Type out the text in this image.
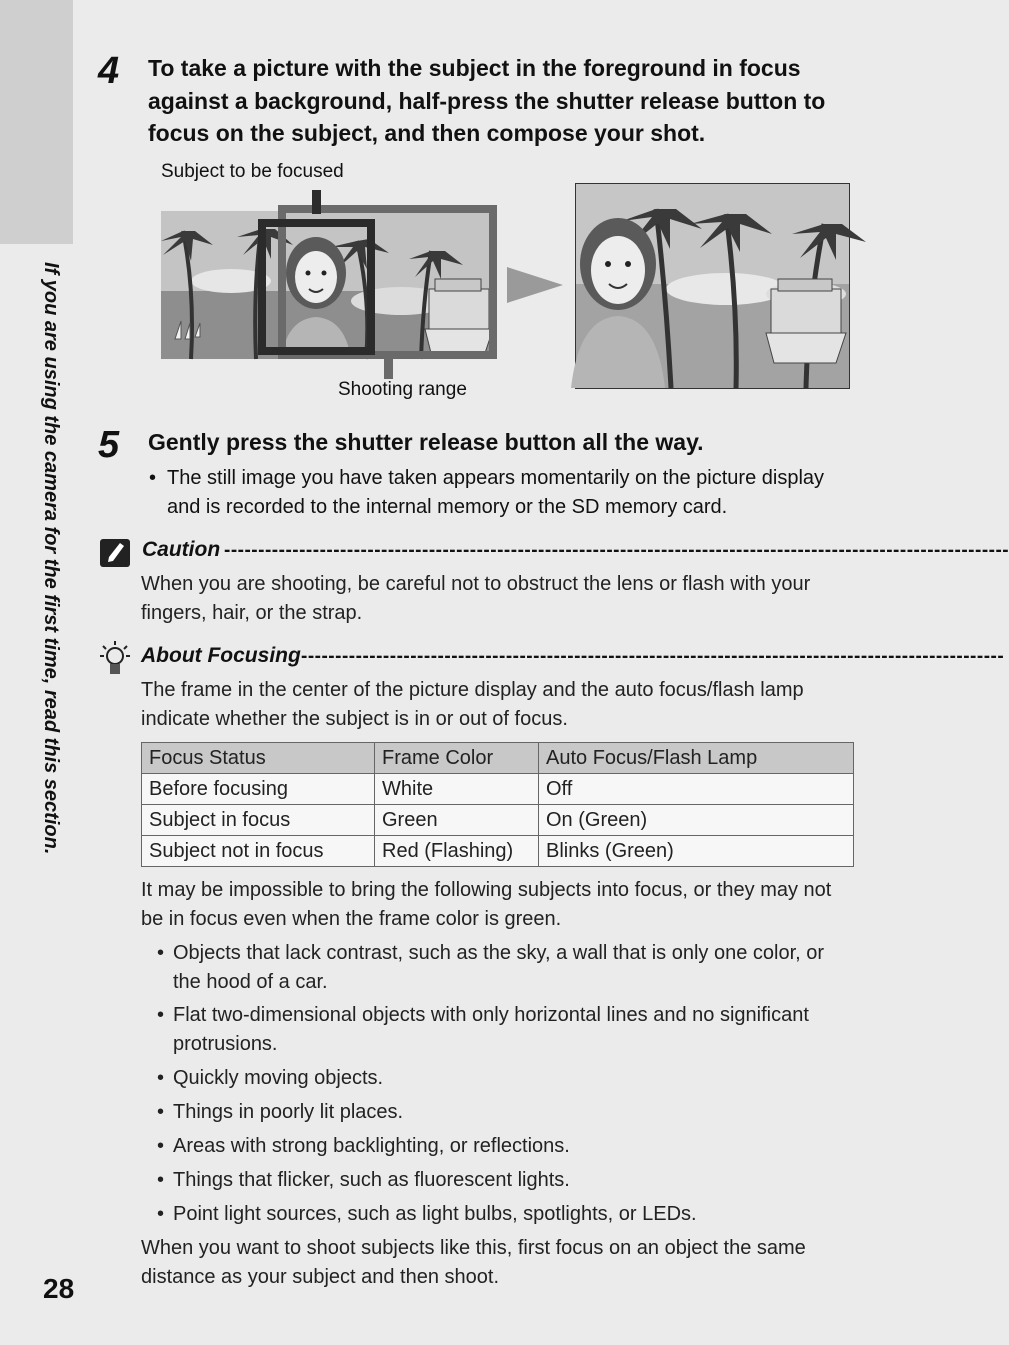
If you are using the camera for the first time, read this section.
28
4 To take a picture with the subject in the foreground in focus against a background, half-press the shutter release button to focus on the subject, and then compose your shot.

Subject to be focused
Shooting range
5 Gently press the shutter release button all the way.

• The still image you have taken appears momentarily on the picture display and is recorded to the internal memory or the SD memory card.
Caution -------------------------------------------------------------------------------------------------------------------

When you are shooting, be careful not to obstruct the lens or flash with your fingers, hair, or the strap.

About Focusing -------------------------------------------------------------------------------------------------------

The frame in the center of the picture display and the auto focus/flash lamp indicate whether the subject is in or out of focus.

Focus Status	Frame Color	Auto Focus/Flash Lamp
Before focusing	White	Off
Subject in focus	Green	On (Green)
Subject not in focus	Red (Flashing)	Blinks (Green)

It may be impossible to bring the following subjects into focus, or they may not be in focus even when the frame color is green.

• Objects that lack contrast, such as the sky, a wall that is only one color, or the hood of a car.
• Flat two-dimensional objects with only horizontal lines and no significant protrusions.
• Quickly moving objects.
• Things in poorly lit places.
• Areas with strong backlighting, or reflections.
• Things that flicker, such as fluorescent lights.
• Point light sources, such as light bulbs, spotlights, or LEDs.

When you want to shoot subjects like this, first focus on an object the same distance as your subject and then shoot.
